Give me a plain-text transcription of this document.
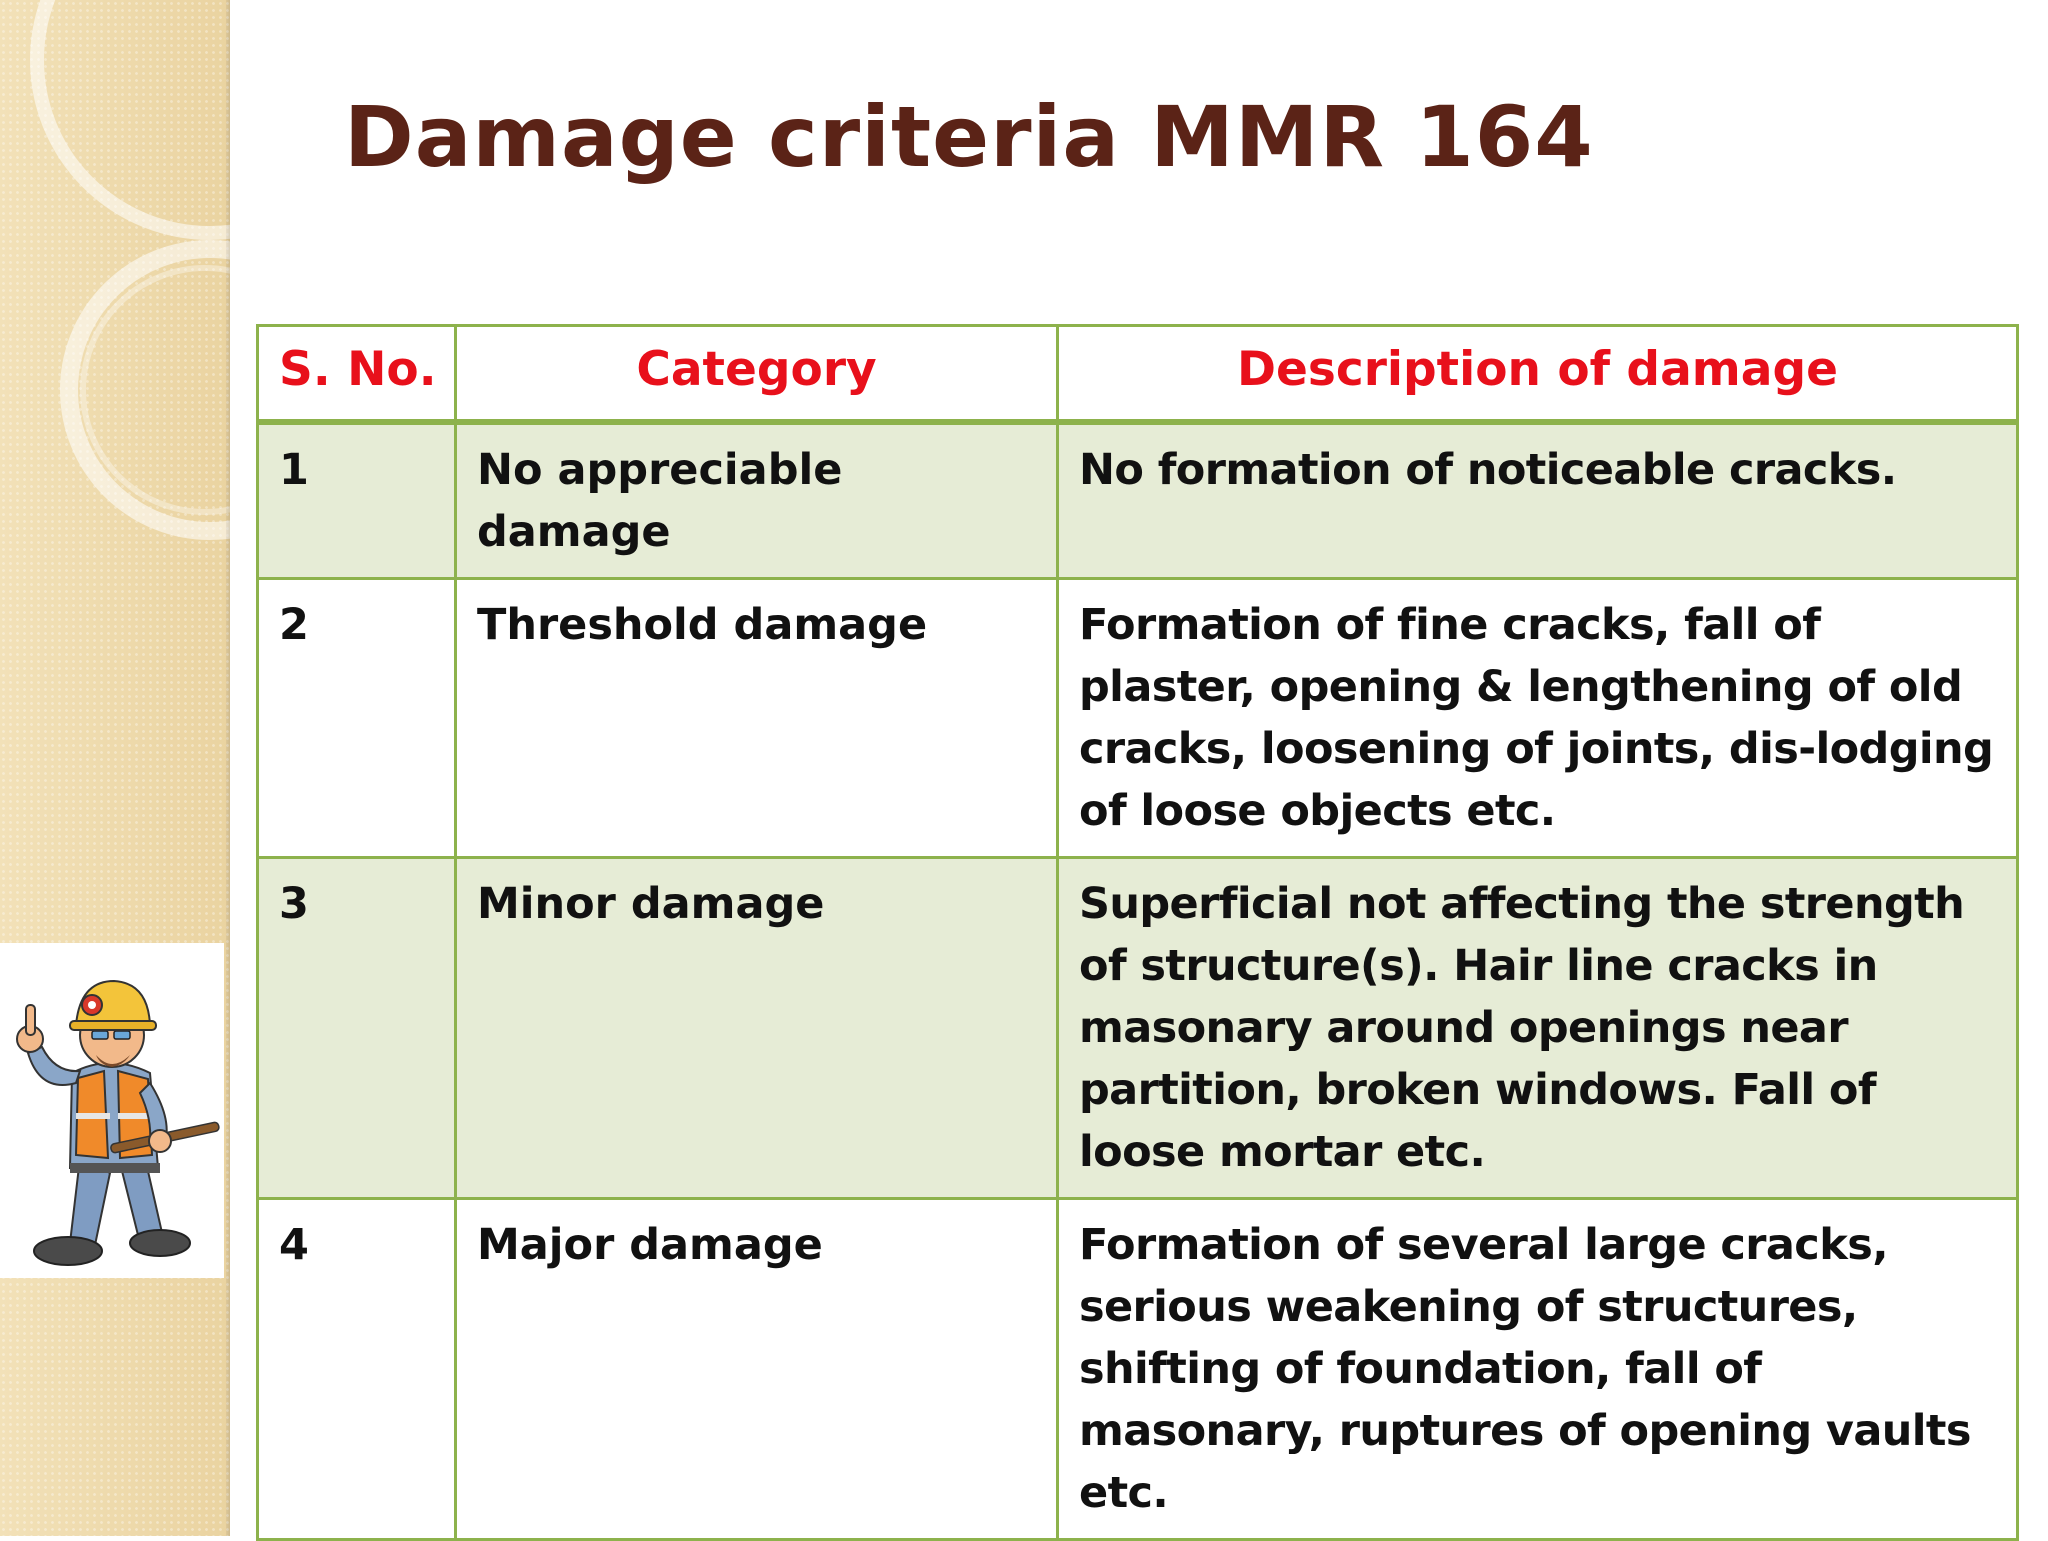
Damage criteria MMR 164
S. No.	Category	Description of damage
1	No appreciable damage	No formation of noticeable cracks.
2	Threshold damage	Formation of fine cracks, fall of plaster, opening & lengthening of old cracks, loosening of joints, dis-lodging of loose objects etc.
3	Minor damage	Superficial not affecting the strength of structure(s). Hair line cracks in masonary around openings near partition, broken windows. Fall of loose mortar etc.
4	Major damage	Formation of several large cracks, serious weakening of structures, shifting of foundation, fall of masonary, ruptures of opening vaults etc.
